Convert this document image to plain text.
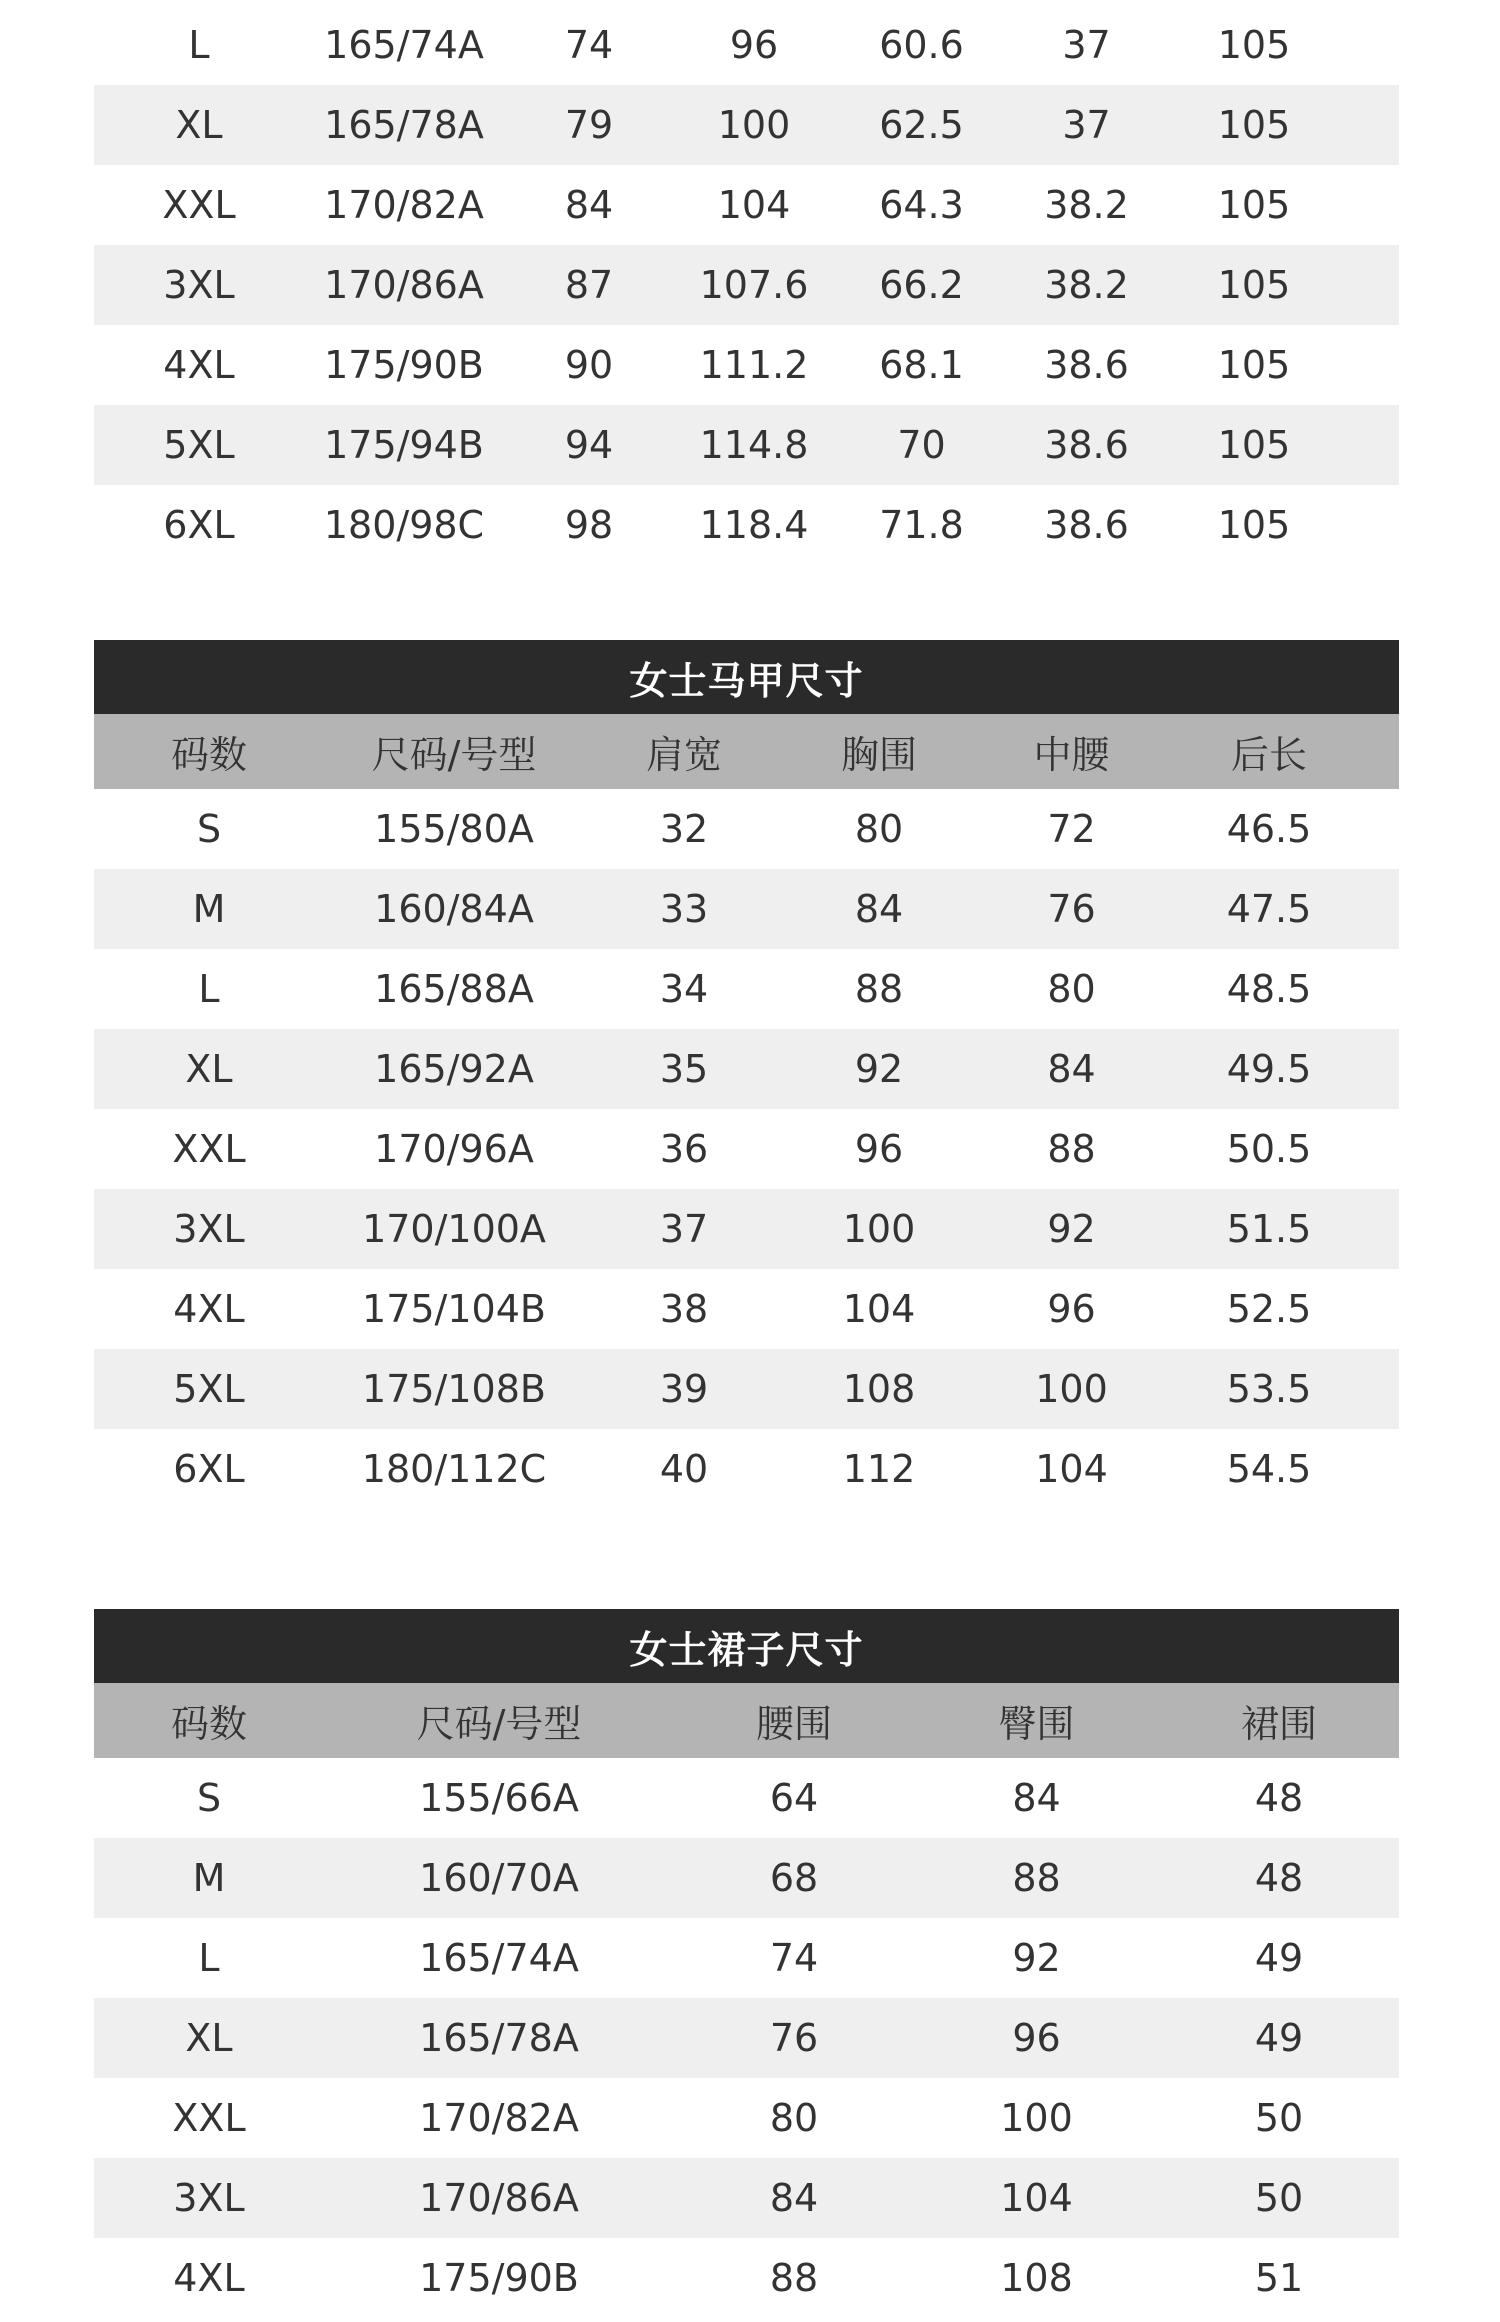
L	165/74A	74	96	60.6	37	105
XL	165/78A	79	100	62.5	37	105
XXL	170/82A	84	104	64.3	38.2	105
3XL	170/86A	87	107.6	66.2	38.2	105
4XL	175/90B	90	111.2	68.1	38.6	105
5XL	175/94B	94	114.8	70	38.6	105
6XL	180/98C	98	118.4	71.8	38.6	105
女士马甲尺寸
码数	尺码/号型	肩宽	胸围	中腰	后长
S	155/80A	32	80	72	46.5
M	160/84A	33	84	76	47.5
L	165/88A	34	88	80	48.5
XL	165/92A	35	92	84	49.5
XXL	170/96A	36	96	88	50.5
3XL	170/100A	37	100	92	51.5
4XL	175/104B	38	104	96	52.5
5XL	175/108B	39	108	100	53.5
6XL	180/112C	40	112	104	54.5
女士裙子尺寸
码数	尺码/号型	腰围	臀围	裙围
S	155/66A	64	84	48
M	160/70A	68	88	48
L	165/74A	74	92	49
XL	165/78A	76	96	49
XXL	170/82A	80	100	50
3XL	170/86A	84	104	50
4XL	175/90B	88	108	51
